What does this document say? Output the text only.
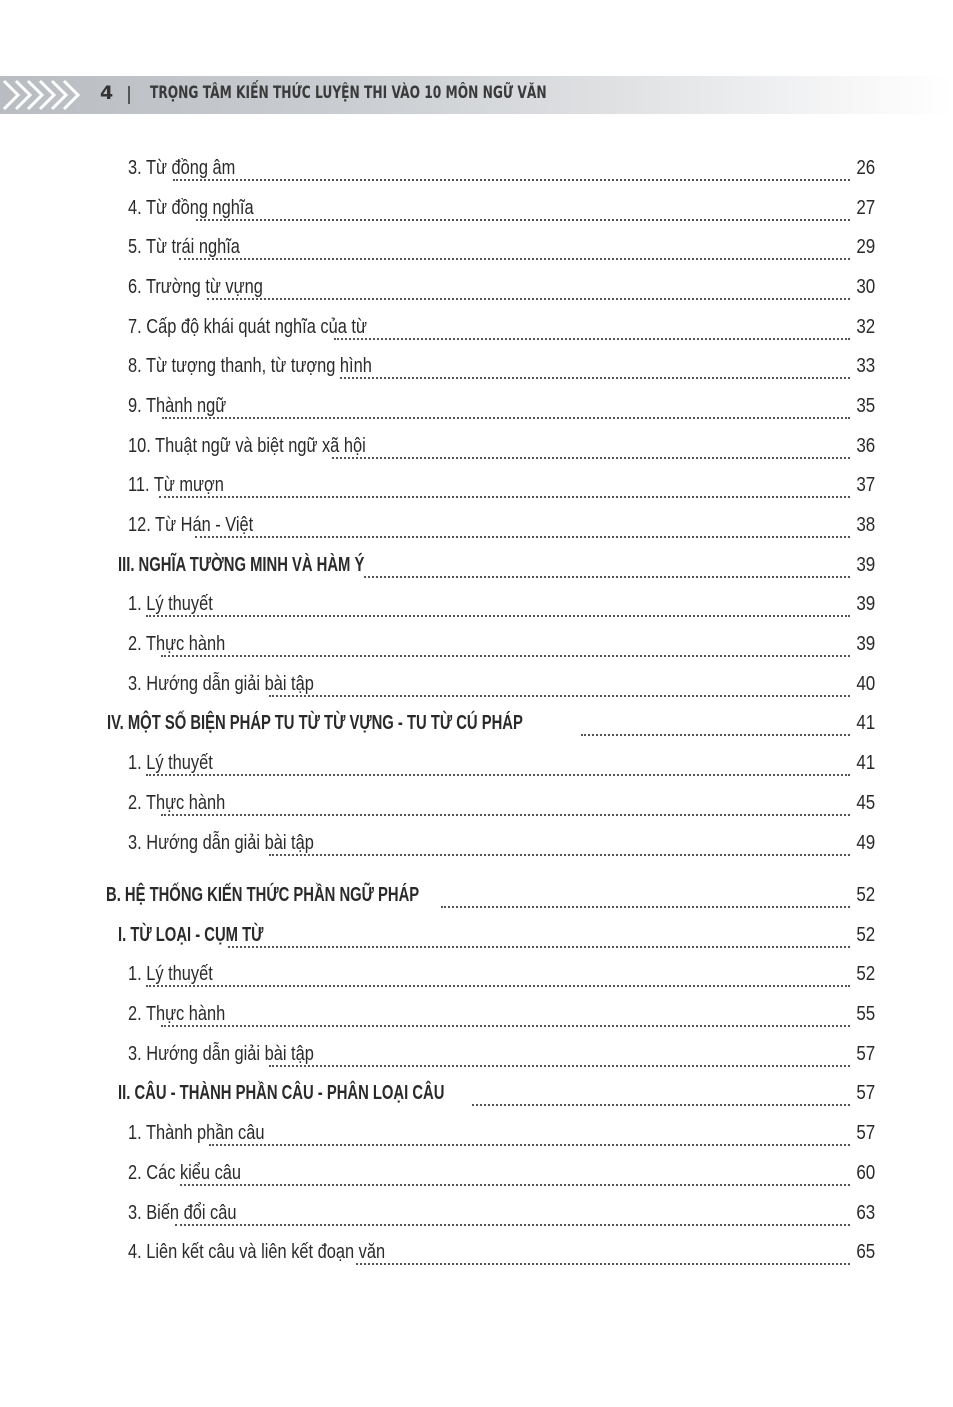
4 TRỌNG TÂM KIẾN THỨC LUYỆN THI VÀO 10 MÔN NGỮ VĂN
3. Từ đồng âm	26
4. Từ đồng nghĩa	27
5. Từ trái nghĩa	29
6. Trường từ vựng	30
7. Cấp độ khái quát nghĩa của từ	32
8. Từ tượng thanh, từ tượng hình	33
9. Thành ngữ	35
10. Thuật ngữ và biệt ngữ xã hội	36
11. Từ mượn	37
12. Từ Hán - Việt	38
III. NGHĨA TƯỜNG MINH VÀ HÀM Ý	39
1. Lý thuyết	39
2. Thực hành	39
3. Hướng dẫn giải bài tập	40
IV. MỘT SỐ BIỆN PHÁP TU TỪ TỪ VỰNG - TU TỪ CÚ PHÁP	41
1. Lý thuyết	41
2. Thực hành	45
3. Hướng dẫn giải bài tập	49
B. HỆ THỐNG KIẾN THỨC PHẦN NGỮ PHÁP	52
I. TỪ LOẠI - CỤM TỪ	52
1. Lý thuyết	52
2. Thực hành	55
3. Hướng dẫn giải bài tập	57
II. CÂU - THÀNH PHẦN CÂU - PHÂN LOẠI CÂU	57
1. Thành phần câu	57
2. Các kiểu câu	60
3. Biến đổi câu	63
4. Liên kết câu và liên kết đoạn văn	65
